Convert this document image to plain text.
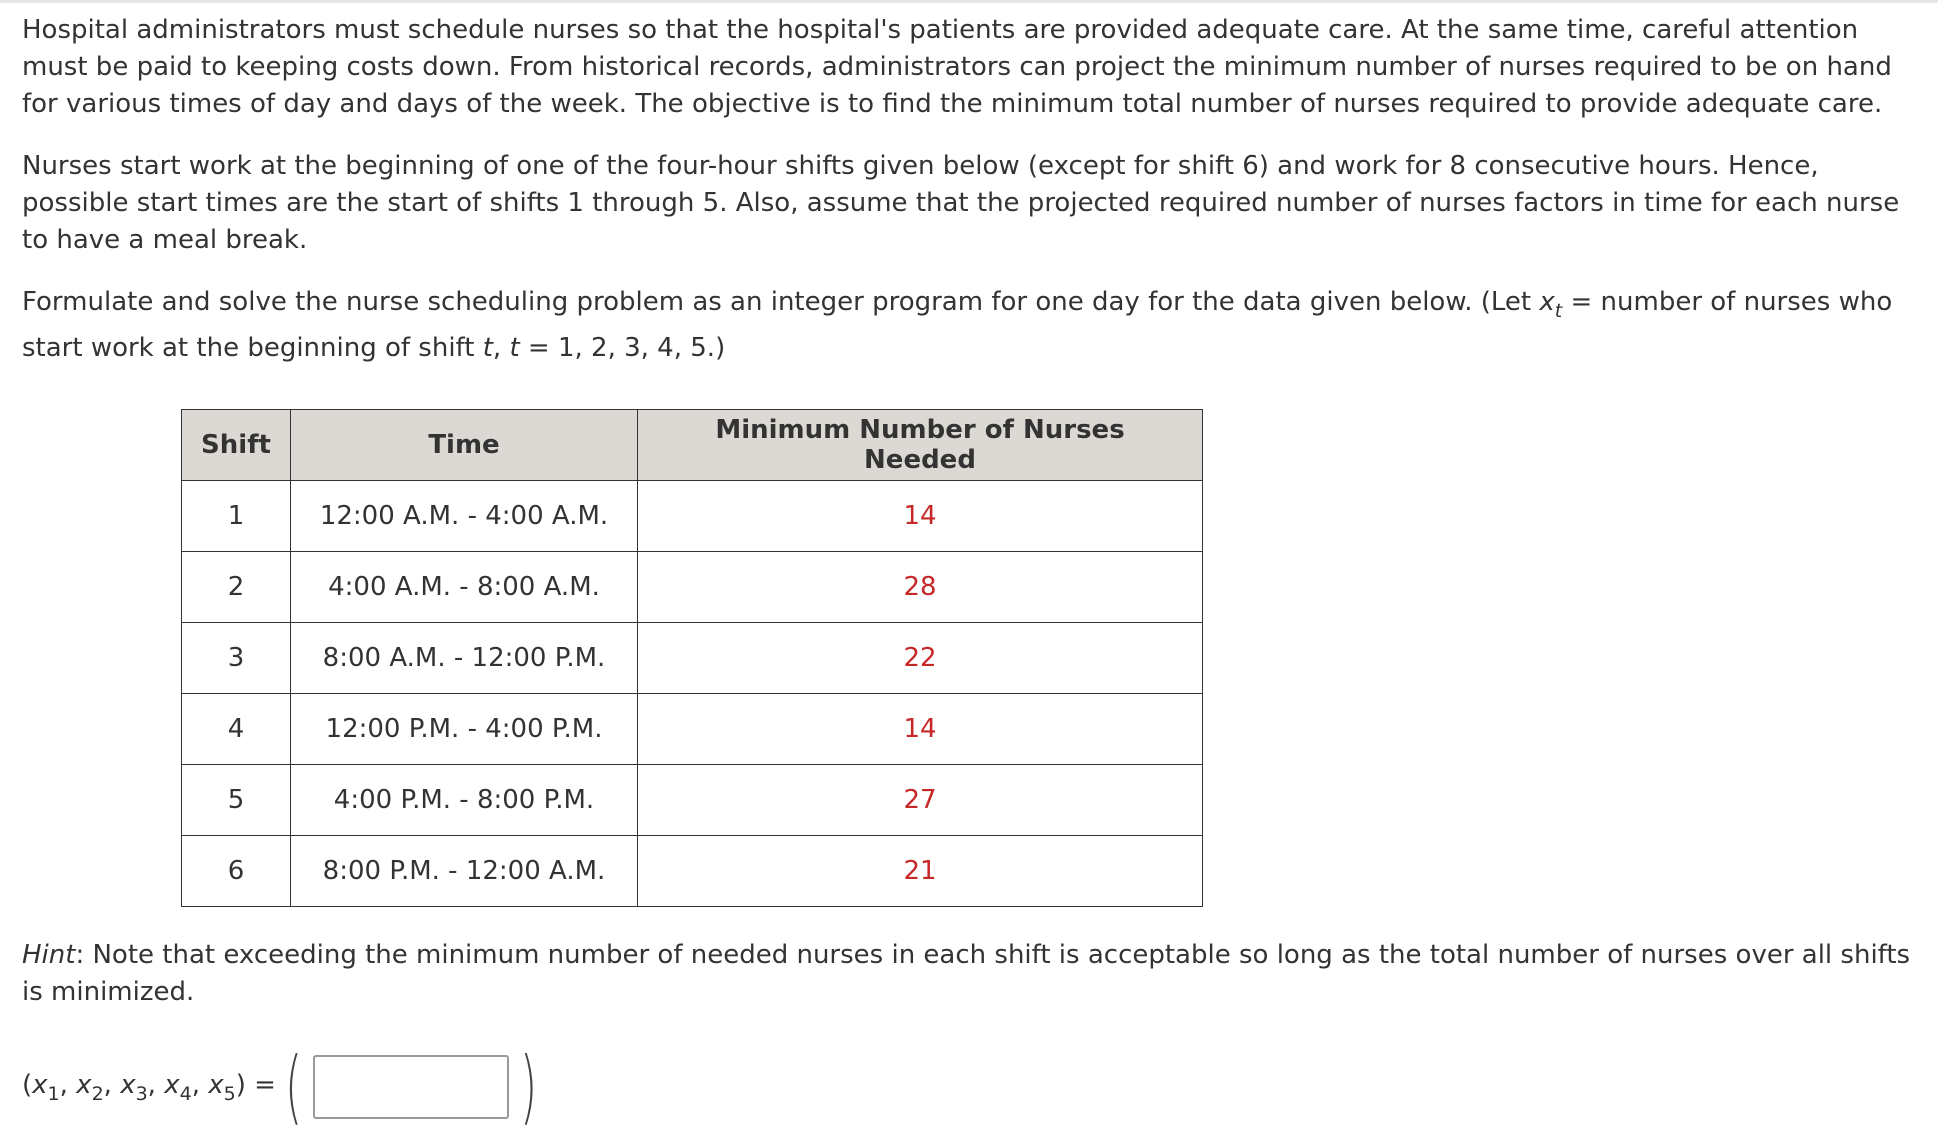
Hospital administrators must schedule nurses so that the hospital's patients are provided adequate care. At the same time, careful attention must be paid to keeping costs down. From historical records, administrators can project the minimum number of nurses required to be on hand for various times of day and days of the week. The objective is to find the minimum total number of nurses required to provide adequate care.

Nurses start work at the beginning of one of the four-hour shifts given below (except for shift 6) and work for 8 consecutive hours. Hence, possible start times are the start of shifts 1 through 5. Also, assume that the projected required number of nurses factors in time for each nurse to have a meal break.

Formulate and solve the nurse scheduling problem as an integer program for one day for the data given below. (Let $x_t$ = number of nurses who start work at the beginning of shift t, t = 1, 2, 3, 4, 5.)

Shift	Time	Minimum Number of Nurses Needed
1	12:00 A.M. - 4:00 A.M.	14
2	4:00 A.M. - 8:00 A.M.	28
3	8:00 A.M. - 12:00 P.M.	22
4	12:00 P.M. - 4:00 P.M.	14
5	4:00 P.M. - 8:00 P.M.	27
6	8:00 P.M. - 12:00 A.M.	21

Hint: Note that exceeding the minimum number of needed nurses in each shift is acceptable so long as the total number of nurses over all shifts is minimized.

($x_1$, $x_2$, $x_3$, $x_4$, $x_5$) = (	)
